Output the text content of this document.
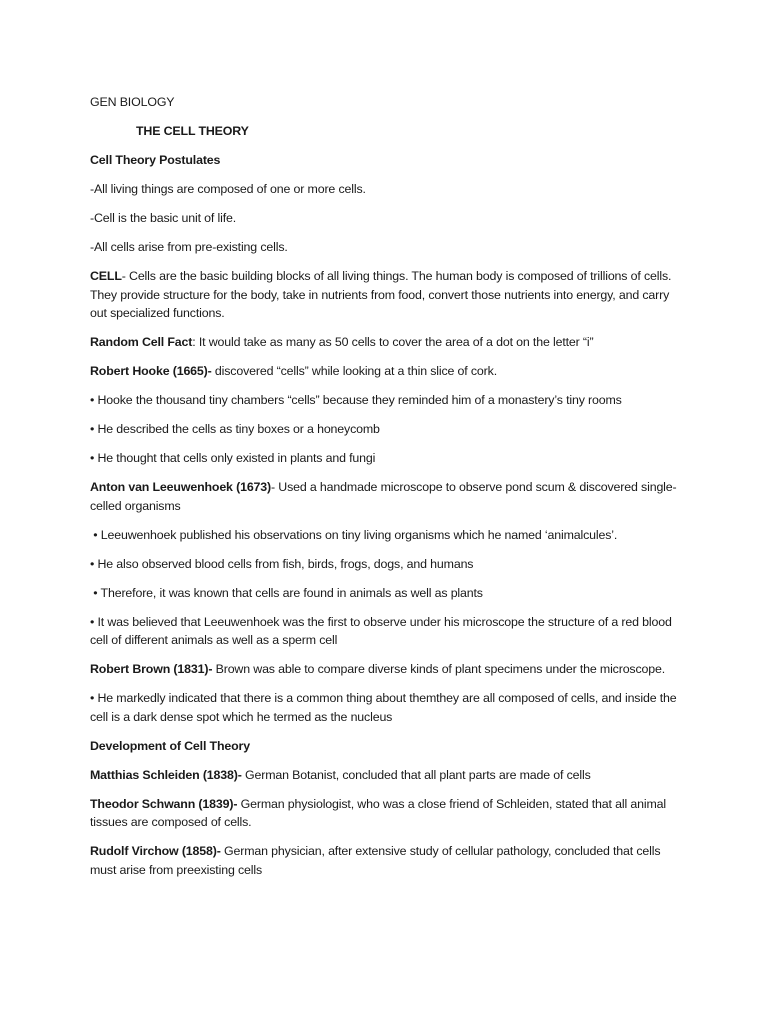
GEN BIOLOGY

THE CELL THEORY

Cell Theory Postulates

-All living things are composed of one or more cells.

-Cell is the basic unit of life.

-All cells arise from pre-existing cells.

CELL- Cells are the basic building blocks of all living things. The human body is composed of trillions of cells. They provide structure for the body, take in nutrients from food, convert those nutrients into energy, and carry out specialized functions.

Random Cell Fact: It would take as many as 50 cells to cover the area of a dot on the letter “i”

Robert Hooke (1665)- discovered “cells” while looking at a thin slice of cork.

• Hooke the thousand tiny chambers “cells” because they reminded him of a monastery’s tiny rooms

• He described the cells as tiny boxes or a honeycomb

• He thought that cells only existed in plants and fungi

Anton van Leeuwenhoek (1673)- Used a handmade microscope to observe pond scum & discovered single-celled organisms

• Leeuwenhoek published his observations on tiny living organisms which he named ‘animalcules’.

• He also observed blood cells from fish, birds, frogs, dogs, and humans

• Therefore, it was known that cells are found in animals as well as plants

• It was believed that Leeuwenhoek was the first to observe under his microscope the structure of a red blood cell of different animals as well as a sperm cell

Robert Brown (1831)- Brown was able to compare diverse kinds of plant specimens under the microscope.

• He markedly indicated that there is a common thing about themthey are all composed of cells, and inside the cell is a dark dense spot which he termed as the nucleus

Development of Cell Theory

Matthias Schleiden (1838)- German Botanist, concluded that all plant parts are made of cells

Theodor Schwann (1839)- German physiologist, who was a close friend of Schleiden, stated that all animal tissues are composed of cells.

Rudolf Virchow (1858)- German physician, after extensive study of cellular pathology, concluded that cells must arise from preexisting cells
